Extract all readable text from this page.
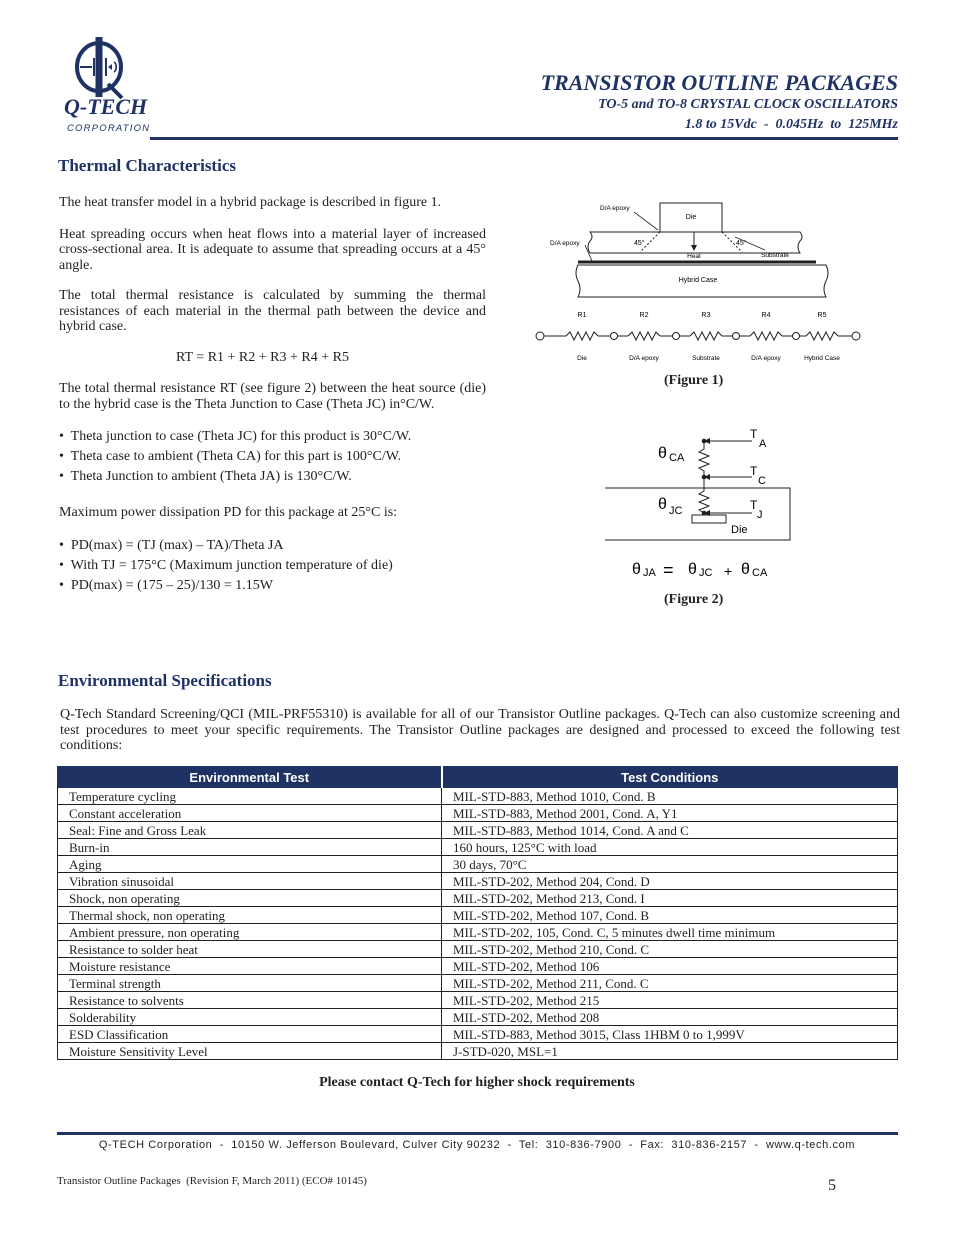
Q-TECH
CORPORATION
TRANSISTOR OUTLINE PACKAGES
TO-5 and TO-8 CRYSTAL CLOCK OSCILLATORS
1.8 to 15Vdc  -  0.045Hz  to  125MHz
Thermal Characteristics

The heat transfer model in a hybrid package is described in figure 1.

Heat spreading occurs when heat flows into a material layer of increased cross-sectional area. It is adequate to assume that spreading occurs at a 45° angle.

The total thermal resistance is calculated by summing the thermal resistances of each material in the thermal path between the device and hybrid case.

RT = R1 + R2 + R3 + R4 + R5

The total thermal resistance RT (see figure 2) between the heat source (die) to the hybrid case is the Theta Junction to Case (Theta JC) in°C/W.

•  Theta junction to case (Theta JC) for this product is 30°C/W.
•  Theta case to ambient (Theta CA) for this part is 100°C/W.
•  Theta Junction to ambient (Theta JA) is 130°C/W.

Maximum power dissipation PD for this package at 25°C is:

•  PD(max) = (TJ (max) – TA)/Theta JA
•  With TJ = 175°C (Maximum junction temperature of die)
•  PD(max) = (175 – 25)/130 = 1.15W
Die
Hybrid Case
45°	45°
Heat	Substrate
D/A epoxy
D/A epoxy
R1
Die
R2
D/A epoxy
R3
Substrate
R4
D/A epoxy
R5
Hybrid Case
(Figure 1)
T
A
T
C
T
J
θ CA
θ JC
Die
θ JA = θ JC + θ CA
(Figure 2)
Environmental Specifications

Q-Tech Standard Screening/QCI (MIL-PRF55310) is available for all of our Transistor Outline packages. Q-Tech can also customize screening and test procedures to meet your specific requirements. The Transistor Outline packages are designed and processed to exceed the following test conditions:

Environmental Test	Test Conditions
Temperature cycling	MIL-STD-883, Method 1010, Cond. B
Constant acceleration	MIL-STD-883, Method 2001, Cond. A, Y1
Seal: Fine and Gross Leak	MIL-STD-883, Method 1014, Cond. A and C
Burn-in	160 hours, 125°C with load
Aging	30 days, 70°C
Vibration sinusoidal	MIL-STD-202, Method 204, Cond. D
Shock, non operating	MIL-STD-202, Method 213, Cond. I
Thermal shock, non operating	MIL-STD-202, Method 107, Cond. B
Ambient pressure, non operating	MIL-STD-202, 105, Cond. C, 5 minutes dwell time minimum
Resistance to solder heat	MIL-STD-202, Method 210, Cond. C
Moisture resistance	MIL-STD-202, Method 106
Terminal strength	MIL-STD-202, Method 211, Cond. C
Resistance to solvents	MIL-STD-202, Method 215
Solderability	MIL-STD-202, Method 208
ESD Classification	MIL-STD-883, Method 3015, Class 1HBM 0 to 1,999V
Moisture Sensitivity Level	J-STD-020, MSL=1
Please contact Q-Tech for higher shock requirements
Q-TECH Corporation  -  10150 W. Jefferson Boulevard, Culver City 90232  -  Tel:  310-836-7900  -  Fax:  310-836-2157  -  www.q-tech.com
Transistor Outline Packages  (Revision F, March 2011) (ECO# 10145)	5
